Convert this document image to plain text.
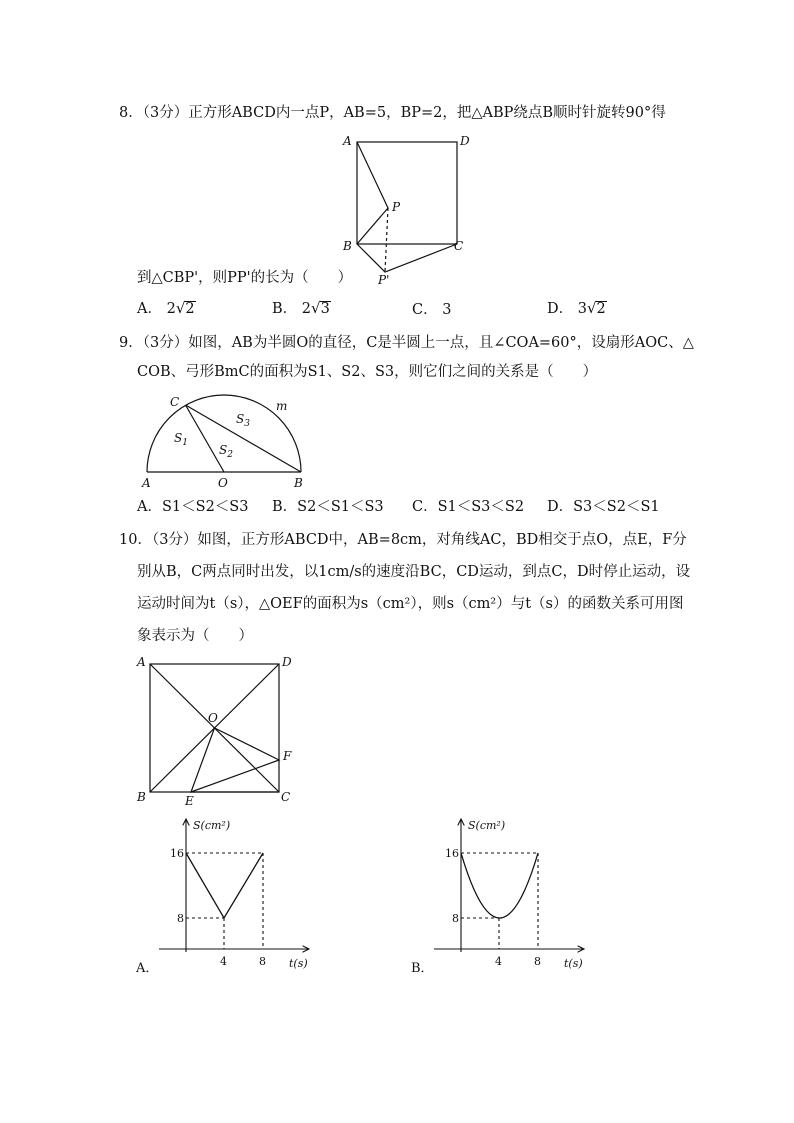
8．（3分）正方形ABCD内一点P，AB=5，BP=2，把△ABP绕点B顺时针旋转90°得
A	D
P
B	C
P'
到△CBP'，则PP'的长为（　　）
A． 2√2	B． 2√3	C． 3	D． 3√2
9．（3分）如图，AB为半圆O的直径，C是半圆上一点，且∠COA=60°，设扇形AOC、△
COB、弓形BmC的面积为S1、S2、S3，则它们之间的关系是（　　）
C	m
$S_3$
$S_1$	$S_2$
A	O	B
A．S1＜S2＜S3 B．S2＜S1＜S3 C．S1＜S3＜S2 D．S3＜S2＜S1
10．（3分）如图，正方形ABCD中，AB=8cm，对角线AC，BD相交于点O，点E，F分
别从B，C两点同时出发，以1cm/s的速度沿BC，CD运动，到点C，D时停止运动，设
运动时间为t（s），△OEF的面积为s（cm²），则s（cm²）与t（s）的函数关系可用图
象表示为（　　）
A	D
O
F
B	E	C
S(cm²)
16
8
4	8 t(s)
A．
S(cm²)
16
8
4	8 t(s)
B．
